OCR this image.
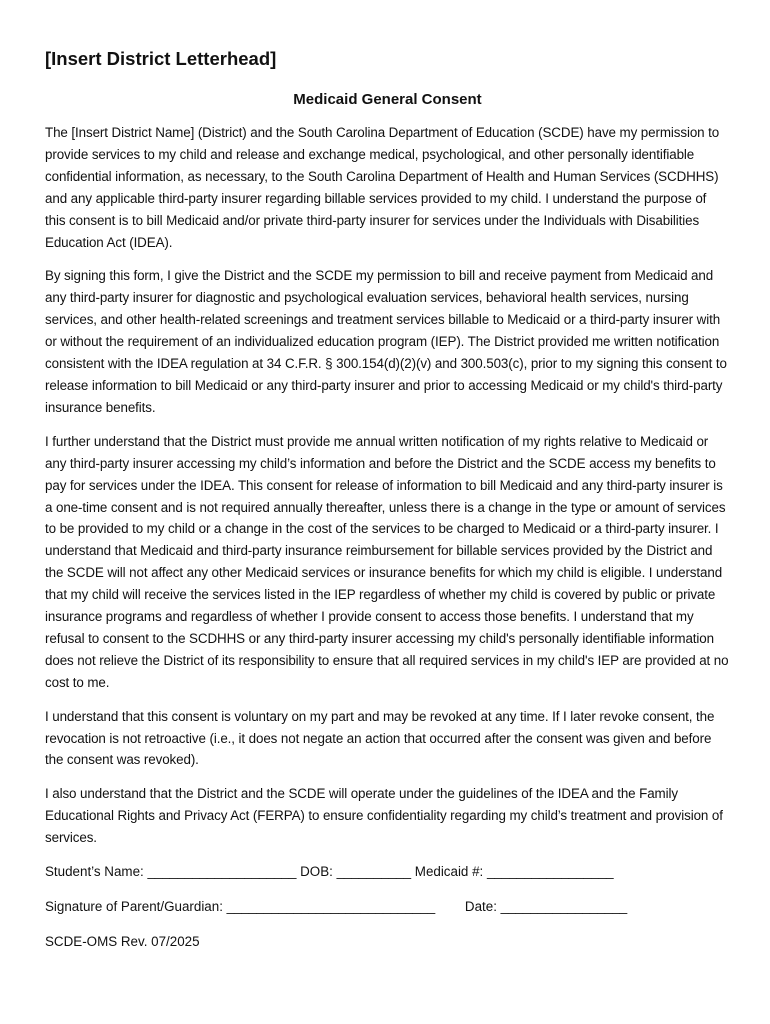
[Insert District Letterhead]
Medicaid General Consent

The [Insert District Name] (District) and the South Carolina Department of Education (SCDE) have my permission to provide services to my child and release and exchange medical, psychological, and other personally identifiable confidential information, as necessary, to the South Carolina Department of Health and Human Services (SCDHHS) and any applicable third-party insurer regarding billable services provided to my child. I understand the purpose of this consent is to bill Medicaid and/or private third-party insurer for services under the Individuals with Disabilities Education Act (IDEA).

By signing this form, I give the District and the SCDE my permission to bill and receive payment from Medicaid and any third-party insurer for diagnostic and psychological evaluation services, behavioral health services, nursing services, and other health-related screenings and treatment services billable to Medicaid or a third-party insurer with or without the requirement of an individualized education program (IEP). The District provided me written notification consistent with the IDEA regulation at 34 C.F.R. § 300.154(d)(2)(v) and 300.503(c), prior to my signing this consent to release information to bill Medicaid or any third-party insurer and prior to accessing Medicaid or my child's third-party insurance benefits.

I further understand that the District must provide me annual written notification of my rights relative to Medicaid or any third-party insurer accessing my child’s information and before the District and the SCDE access my benefits to pay for services under the IDEA. This consent for release of information to bill Medicaid and any third-party insurer is a one-time consent and is not required annually thereafter, unless there is a change in the type or amount of services to be provided to my child or a change in the cost of the services to be charged to Medicaid or a third-party insurer. I understand that Medicaid and third-party insurance reimbursement for billable services provided by the District and the SCDE will not affect any other Medicaid services or insurance benefits for which my child is eligible. I understand that my child will receive the services listed in the IEP regardless of whether my child is covered by public or private insurance programs and regardless of whether I provide consent to access those benefits. I understand that my refusal to consent to the SCDHHS or any third-party insurer accessing my child's personally identifiable information does not relieve the District of its responsibility to ensure that all required services in my child's IEP are provided at no cost to me.

I understand that this consent is voluntary on my part and may be revoked at any time. If I later revoke consent, the revocation is not retroactive (i.e., it does not negate an action that occurred after the consent was given and before the consent was revoked).

I also understand that the District and the SCDE will operate under the guidelines of the IDEA and the Family Educational Rights and Privacy Act (FERPA) to ensure confidentiality regarding my child’s treatment and provision of services.

Student’s Name: ____________________ DOB: __________ Medicaid #: _________________
Signature of Parent/Guardian: ____________________________        Date: _________________
SCDE-OMS Rev. 07/2025
